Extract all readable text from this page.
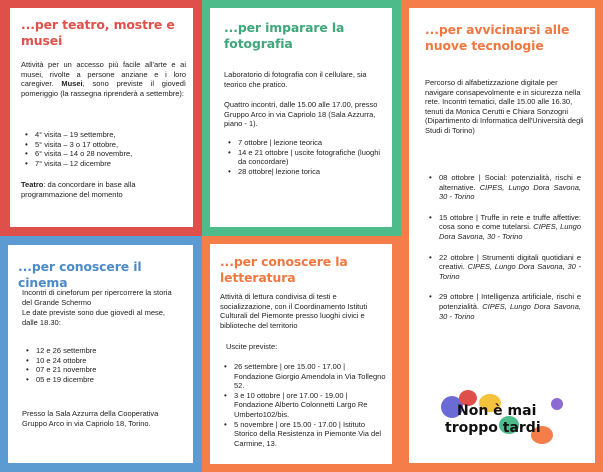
...per teatro, mostre e musei
Attività per un accesso più facile all'arte e ai musei, rivolte a persone anziane e i loro caregiver. Musei, sono previste il giovedì pomeriggio (la rassegna riprenderà a settembre):
• 4° visita – 19 settembre,
• 5° visita – 3 o 17 ottobre,
• 6° visita – 14 o 28 novembre,
• 7° visita – 12 dicembre
Teatro: da concordare in base alla programmazione del momento
...per imparare la fotografia
Laboratorio di fotografia con il cellulare, sia teorico che pratico.
Quattro incontri, dalle 15.00 alle 17.00, presso Gruppo Arco in via Capriolo 18 (Sala Azzurra, piano - 1).
• 7 ottobre | lezione teorica
• 14 e 21 ottobre | uscite fotografiche (luoghi da concordare)
• 28 ottobre| lezione torica
...per avvicinarsi alle nuove tecnologie
Percorso di alfabetizzazione digitale per navigare consapevolmente e in sicurezza nella rete. Incontri tematici, dalle 15.00 alle 16.30, tenuti da Monica Cerutti e Chiara Sonzogni (Dipartimento di Informatica dell'Università degli Studi di Torino)
• 08 ottobre | Social: potenzialità, rischi e alternative. CIPES, Lungo Dora Savona, 30 - Torino
• 15 ottobre | Truffe in rete e truffe affettive: cosa sono e come tutelarsi. CIPES, Lungo Dora Savona, 30 - Torino
• 22 ottobre | Strumenti digitali quotidiani e creativi. CIPES, Lungo Dora Savona, 30 - Torino
• 29 ottobre | Intelligenza artificiale, rischi e potenzialità. CIPES, Lungo Dora Savona, 30 - Torino
Non è mai
troppo tardi
...per conoscere il cinema
Incontri di cineforum per ripercorrere la storia del Grande Schermo
Le date previste sono due giovedì al mese, dalle 18.30:
• 12 e 26 settembre
• 10 e 24 ottobre
• 07 e 21 novembre
• 05 e 19 dicembre
Presso la Sala Azzurra della Cooperativa Gruppo Arco in via Capriolo 18, Torino.
...per conoscere la letteratura
Attività di lettura condivisa di testi e socializzazione, con il Coordinamento Istituti Culturali del Piemonte presso luoghi civici e biblioteche del territorio
Uscite previste:
• 26 settembre | ore 15.00 - 17.00 | Fondazione Giorgio Amendola in Via Tollegno 52.
• 3 e 10 ottobre | ore 17.00 - 19.00 | Fondazione Alberto Colonnetti Largo Re Umberto102/bis.
• 5 novembre | ore 15.00 - 17.00 | Istituto Storico della Resistenza in Piemonte Via del Carmine, 13.
